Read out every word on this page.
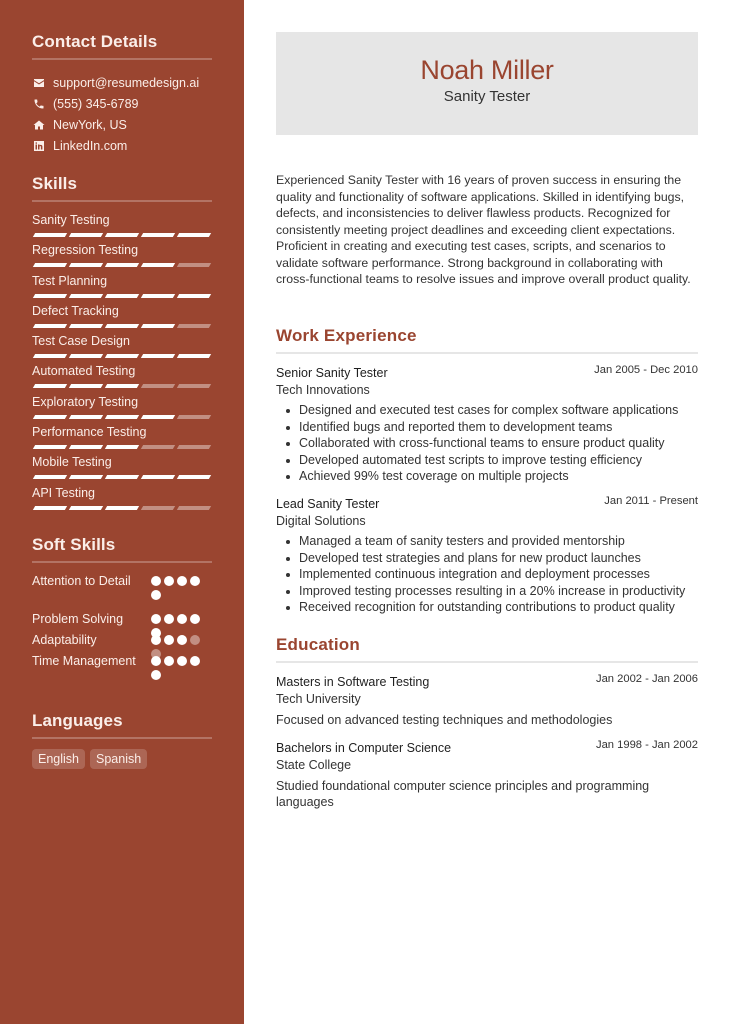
Contact Details
support@resumedesign.ai
(555) 345-6789
NewYork, US
LinkedIn.com
Skills
Sanity Testing
Regression Testing
Test Planning
Defect Tracking
Test Case Design
Automated Testing
Exploratory Testing
Performance Testing
Mobile Testing
API Testing
Soft Skills
Attention to Detail
Problem Solving
Adaptability
Time Management
Languages
English	Spanish
Noah Miller
Sanity Tester

Experienced Sanity Tester with 16 years of proven success in ensuring the quality and functionality of software applications. Skilled in identifying bugs, defects, and inconsistencies to deliver flawless products. Recognized for consistently meeting project deadlines and exceeding client expectations. Proficient in creating and executing test cases, scripts, and scenarios to validate software performance. Strong background in collaborating with cross-functional teams to resolve issues and improve overall product quality.

Work Experience
Senior Sanity Tester	Jan 2005 - Dec 2010
Tech Innovations
Designed and executed test cases for complex software applications
Identified bugs and reported them to development teams
Collaborated with cross-functional teams to ensure product quality
Developed automated test scripts to improve testing efficiency
Achieved 99% test coverage on multiple projects
Lead Sanity Tester	Jan 2011 - Present
Digital Solutions
Managed a team of sanity testers and provided mentorship
Developed test strategies and plans for new product launches
Implemented continuous integration and deployment processes
Improved testing processes resulting in a 20% increase in productivity
Received recognition for outstanding contributions to product quality
Education
Masters in Software Testing	Jan 2002 - Jan 2006
Tech University
Focused on advanced testing techniques and methodologies
Bachelors in Computer Science	Jan 1998 - Jan 2002
State College
Studied foundational computer science principles and programming languages
